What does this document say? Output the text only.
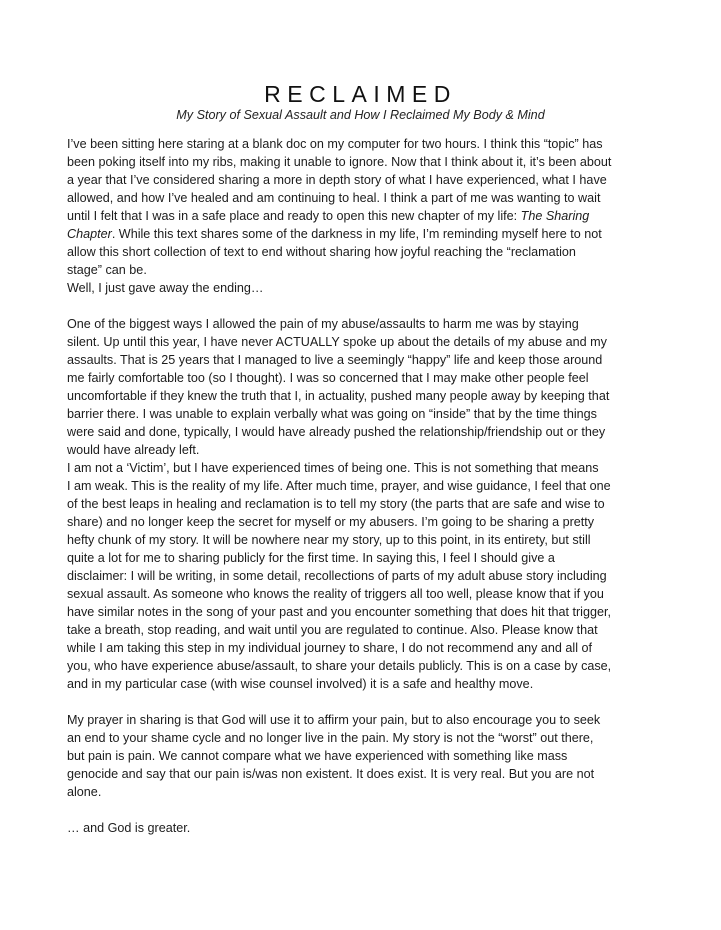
RECLAIMED
My Story of Sexual Assault and How I Reclaimed My Body & Mind

I’ve been sitting here staring at a blank doc on my computer for two hours. I think this “topic” has

been poking itself into my ribs, making it unable to ignore. Now that I think about it, it’s been about

a year that I’ve considered sharing a more in depth story of what I have experienced, what I have

allowed, and how I’ve healed and am continuing to heal. I think a part of me was wanting to wait

until I felt that I was in a safe place and ready to open this new chapter of my life: The Sharing

Chapter. While this text shares some of the darkness in my life, I’m reminding myself here to not

allow this short collection of text to end without sharing how joyful reaching the “reclamation

stage” can be.

Well, I just gave away the ending…

One of the biggest ways I allowed the pain of my abuse/assaults to harm me was by staying

silent. Up until this year, I have never ACTUALLY spoke up about the details of my abuse and my

assaults. That is 25 years that I managed to live a seemingly “happy” life and keep those around

me fairly comfortable too (so I thought). I was so concerned that I may make other people feel

uncomfortable if they knew the truth that I, in actuality, pushed many people away by keeping that

barrier there. I was unable to explain verbally what was going on “inside” that by the time things

were said and done, typically, I would have already pushed the relationship/friendship out or they

would have already left.

I am not a ‘Victim’, but I have experienced times of being one. This is not something that means

I am weak. This is the reality of my life. After much time, prayer, and wise guidance, I feel that one

of the best leaps in healing and reclamation is to tell my story (the parts that are safe and wise to

share) and no longer keep the secret for myself or my abusers. I’m going to be sharing a pretty

hefty chunk of my story. It will be nowhere near my story, up to this point, in its entirety, but still

quite a lot for me to sharing publicly for the first time. In saying this, I feel I should give a

disclaimer: I will be writing, in some detail, recollections of parts of my adult abuse story including

sexual assault. As someone who knows the reality of triggers all too well, please know that if you

have similar notes in the song of your past and you encounter something that does hit that trigger,

take a breath, stop reading, and wait until you are regulated to continue. Also. Please know that

while I am taking this step in my individual journey to share, I do not recommend any and all of

you, who have experience abuse/assault, to share your details publicly. This is on a case by case,

and in my particular case (with wise counsel involved) it is a safe and healthy move.

My prayer in sharing is that God will use it to affirm your pain, but to also encourage you to seek

an end to your shame cycle and no longer live in the pain. My story is not the “worst” out there,

but pain is pain. We cannot compare what we have experienced with something like mass

genocide and say that our pain is/was non existent. It does exist. It is very real. But you are not

alone.

… and God is greater.
